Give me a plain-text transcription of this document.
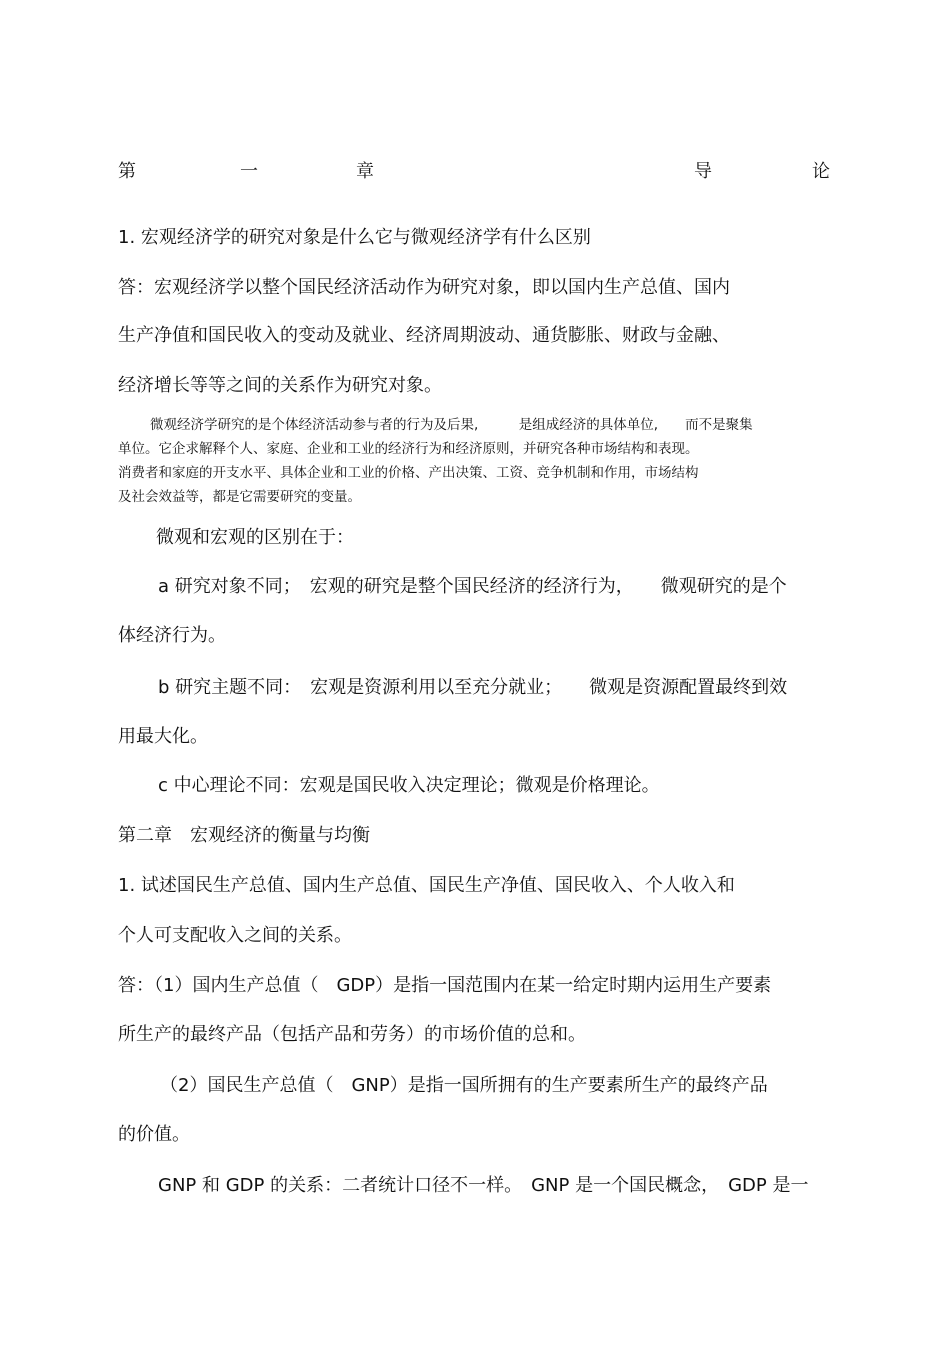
第	一	章	导	论
1. 宏观经济学的研究对象是什么它与微观经济学有什么区别
答：宏观经济学以整个国民经济活动作为研究对象，即以国内生产总值、国内
生产净值和国民收入的变动及就业、经济周期波动、通货膨胀、财政与金融、
经济增长等等之间的关系作为研究对象。
微观经济学研究的是个体经济活动参与者的行为及后果,　　　是组成经济的具体单位,　　而不是聚集
单位。它企求解释个人、家庭、企业和工业的经济行为和经济原则，并研究各种市场结构和表现。
消费者和家庭的开支水平、具体企业和工业的价格、产出决策、工资、竞争机制和作用，市场结构
及社会效益等，都是它需要研究的变量。
微观和宏观的区别在于：
a 研究对象不同；　宏观的研究是整个国民经济的经济行为，　　微观研究的是个
体经济行为。
b 研究主题不同：　宏观是资源利用以至充分就业；　　微观是资源配置最终到效
用最大化。
c 中心理论不同：宏观是国民收入决定理论；微观是价格理论。
第二章　宏观经济的衡量与均衡
1. 试述国民生产总值、国内生产总值、国民生产净值、国民收入、个人收入和
个人可支配收入之间的关系。
答：（1）国内生产总值（　GDP）是指一国范围内在某一给定时期内运用生产要素
所生产的最终产品（包括产品和劳务）的市场价值的总和。
（2）国民生产总值（　GNP）是指一国所拥有的生产要素所生产的最终产品
的价值。
GNP 和 GDP 的关系：二者统计口径不一样。　GNP 是一个国民概念，　GDP 是一
